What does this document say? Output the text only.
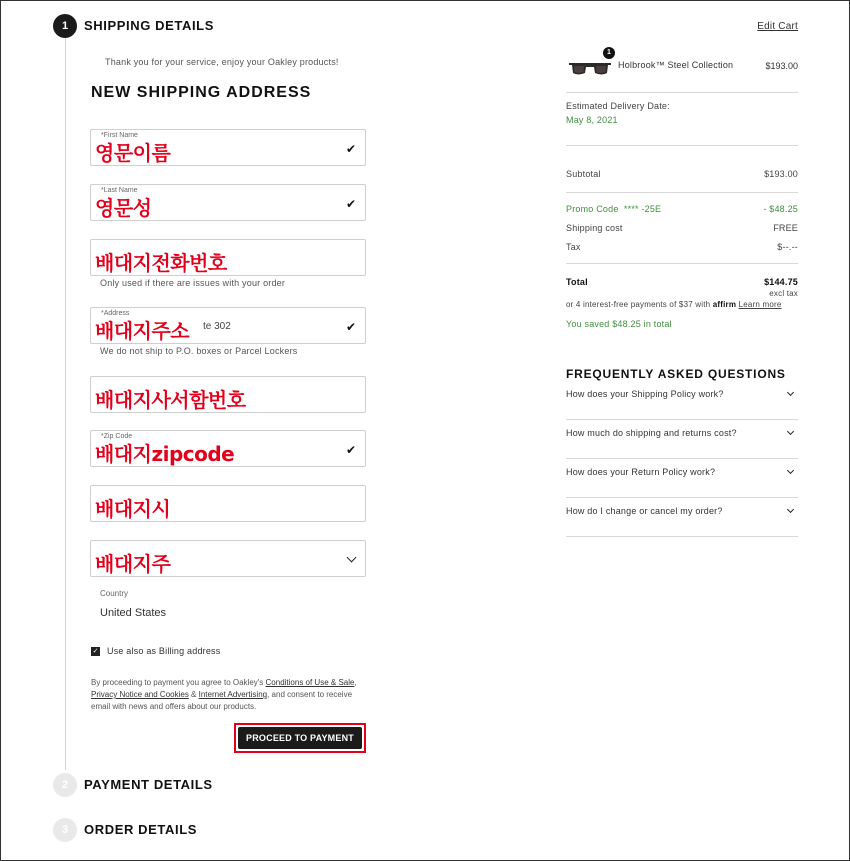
1 SHIPPING DETAILS
2 PAYMENT DETAILS
3 ORDER DETAILS
Thank you for your service, enjoy your Oakley products!
NEW SHIPPING ADDRESS
*First Name
영문이름	✔
*Last Name
영문성	✔
배대지전화번호
Only used if there are issues with your order
*Address
te 302
배대지주소	✔
We do not ship to P.O. boxes or Parcel Lockers
배대지사서함번호
*Zip Code
배대지zipcode	✔
배대지시
배대지주
Country
United States
✓ Use also as Billing address
By proceeding to payment you agree to Oakley's Conditions of Use & Sale, Privacy Notice and Cookies & Internet Advertising, and consent to receive email with news and offers about our products.
PROCEED TO PAYMENT
Edit Cart
1
Holbrook™ Steel Collection	$193.00
Estimated Delivery Date:
May 8, 2021
Subtotal	$193.00
Promo Code  **** -25E	- $48.25
Shipping cost	FREE
Tax	$--.--
Total	$144.75
excl tax
or 4 interest-free payments of $37 with affirm Learn more
You saved $48.25 in total
FREQUENTLY ASKED QUESTIONS
How does your Shipping Policy work?
How much do shipping and returns cost?
How does your Return Policy work?
How do I change or cancel my order?
